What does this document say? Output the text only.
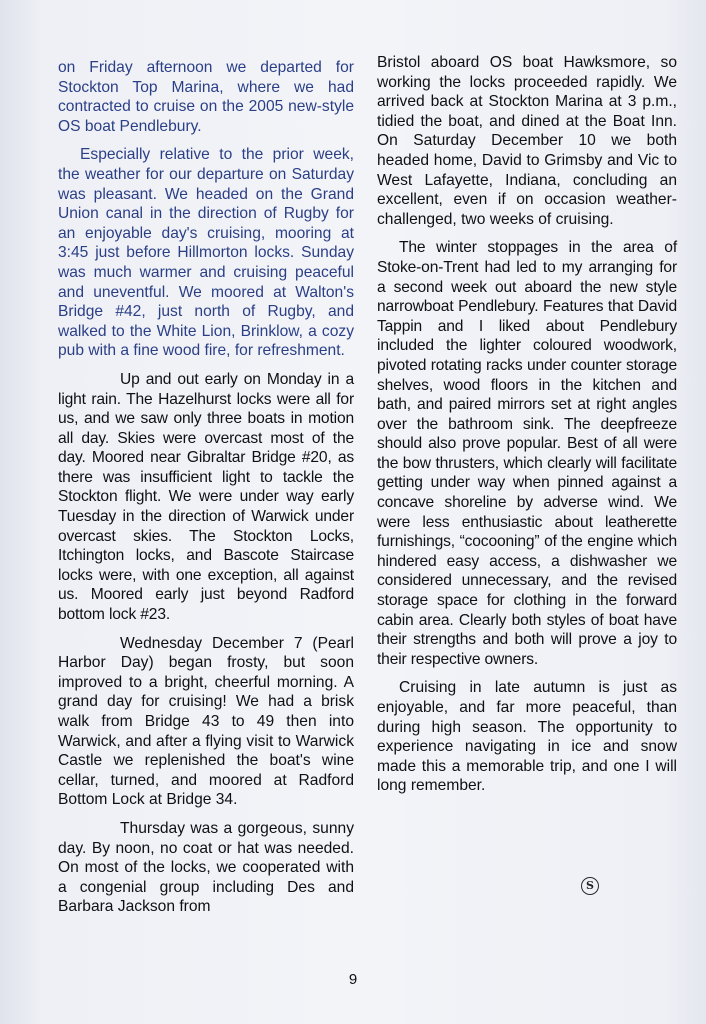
on Friday afternoon we departed for Stockton Top Marina, where we had contracted to cruise on the 2005 new-style OS boat Pendlebury.

Especially relative to the prior week, the weather for our departure on Saturday was pleasant. We headed on the Grand Union canal in the direction of Rugby for an enjoyable day's cruising, mooring at 3:45 just before Hillmorton locks. Sunday was much warmer and cruising peaceful and uneventful. We moored at Walton's Bridge #42, just north of Rugby, and walked to the White Lion, Brinklow, a cozy pub with a fine wood fire, for refreshment.

Up and out early on Monday in a light rain. The Hazelhurst locks were all for us, and we saw only three boats in motion all day. Skies were overcast most of the day. Moored near Gibraltar Bridge #20, as there was insufficient light to tackle the Stockton flight. We were under way early Tuesday in the direction of Warwick under overcast skies. The Stockton Locks, Itchington locks, and Bascote Staircase locks were, with one exception, all against us. Moored early just beyond Radford bottom lock #23.

Wednesday December 7 (Pearl Harbor Day) began frosty, but soon improved to a bright, cheerful morning. A grand day for cruising! We had a brisk walk from Bridge 43 to 49 then into Warwick, and after a flying visit to Warwick Castle we replenished the boat's wine cellar, turned, and moored at Radford Bottom Lock at Bridge 34.

Thursday was a gorgeous, sunny day. By noon, no coat or hat was needed. On most of the locks, we cooperated with a congenial group including Des and Barbara Jackson from

Bristol aboard OS boat Hawksmore, so working the locks proceeded rapidly. We arrived back at Stockton Marina at 3 p.m., tidied the boat, and dined at the Boat Inn. On Saturday December 10 we both headed home, David to Grimsby and Vic to West Lafayette, Indiana, concluding an excellent, even if on occasion weather-challenged, two weeks of cruising.

The winter stoppages in the area of Stoke-on-Trent had led to my arranging for a second week out aboard the new style narrowboat Pendlebury. Features that David Tappin and I liked about Pendlebury included the lighter coloured woodwork, pivoted rotating racks under counter storage shelves, wood floors in the kitchen and bath, and paired mirrors set at right angles over the bathroom sink. The deepfreeze should also prove popular. Best of all were the bow thrusters, which clearly will facilitate getting under way when pinned against a concave shoreline by adverse wind. We were less enthusiastic about leatherette furnishings, “cocooning” of the engine which hindered easy access, a dishwasher we considered unnecessary, and the revised storage space for clothing in the forward cabin area. Clearly both styles of boat have their strengths and both will prove a joy to their respective owners.

Cruising in late autumn is just as enjoyable, and far more peaceful, than during high season. The opportunity to experience navigating in ice and snow made this a memorable trip, and one I will long remember.

S
9
